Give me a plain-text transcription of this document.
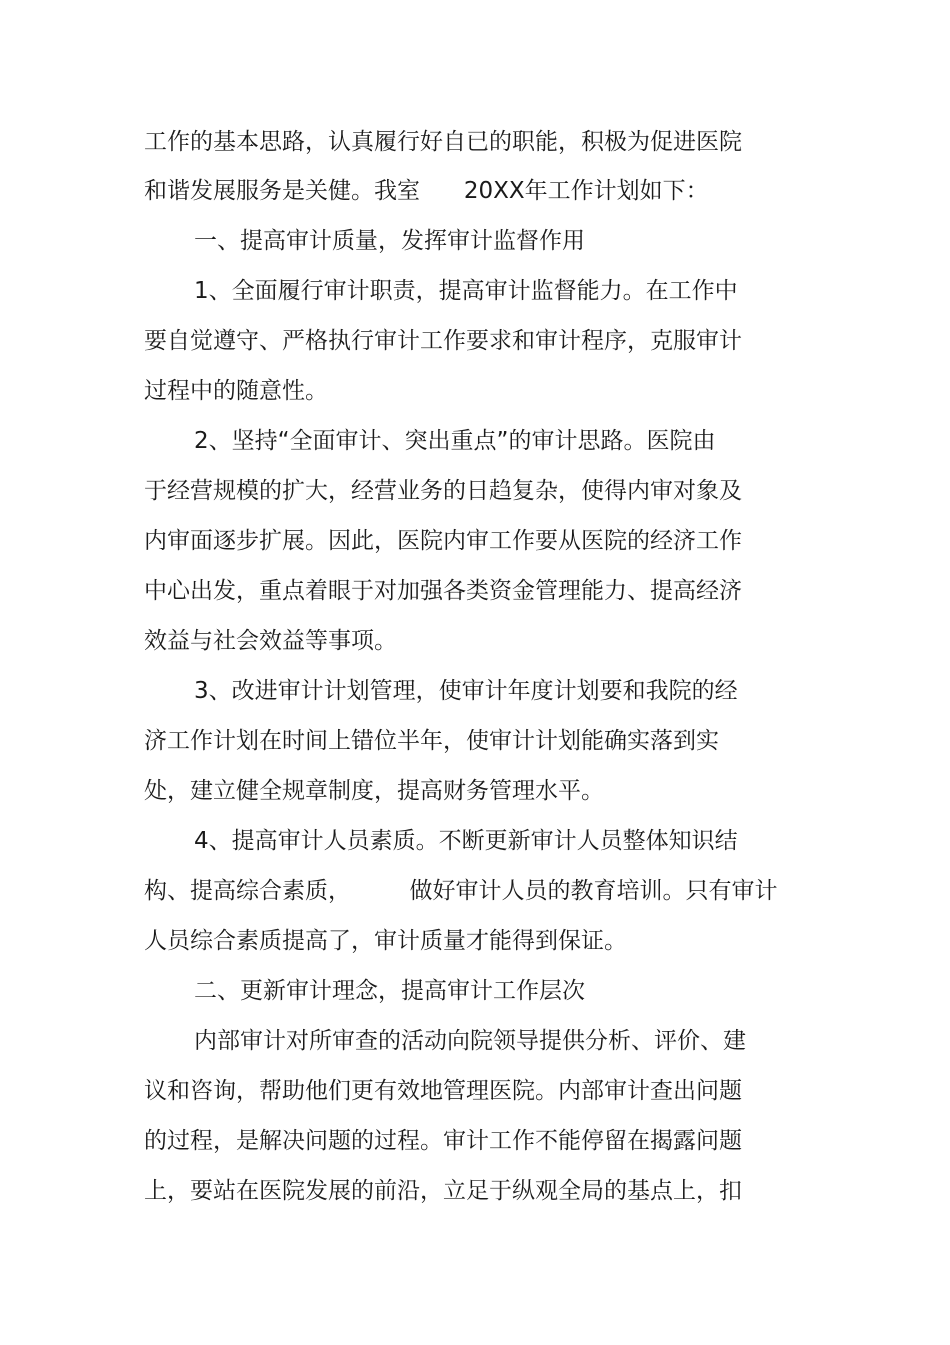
工作的基本思路，认真履行好自已的职能，积极为促进医院

和谐发展服务是关健。我室      20XX年工作计划如下：

一、提高审计质量，发挥审计监督作用

1、全面履行审计职责，提高审计监督能力。在工作中

要自觉遵守、严格执行审计工作要求和审计程序，克服审计

过程中的随意性。

2、坚持“全面审计、突出重点”的审计思路。医院由

于经营规模的扩大，经营业务的日趋复杂，使得内审对象及

内审面逐步扩展。因此，医院内审工作要从医院的经济工作

中心出发，重点着眼于对加强各类资金管理能力、提高经济

效益与社会效益等事项。

3、改进审计计划管理，使审计年度计划要和我院的经

济工作计划在时间上错位半年，使审计计划能确实落到实

处，建立健全规章制度，提高财务管理水平。

4、提高审计人员素质。不断更新审计人员整体知识结

构、提高综合素质，        做好审计人员的教育培训。只有审计

人员综合素质提高了，审计质量才能得到保证。

二、更新审计理念，提高审计工作层次

内部审计对所审查的活动向院领导提供分析、评价、建

议和咨询，帮助他们更有效地管理医院。内部审计查出问题

的过程，是解决问题的过程。审计工作不能停留在揭露问题

上，要站在医院发展的前沿，立足于纵观全局的基点上，扣
